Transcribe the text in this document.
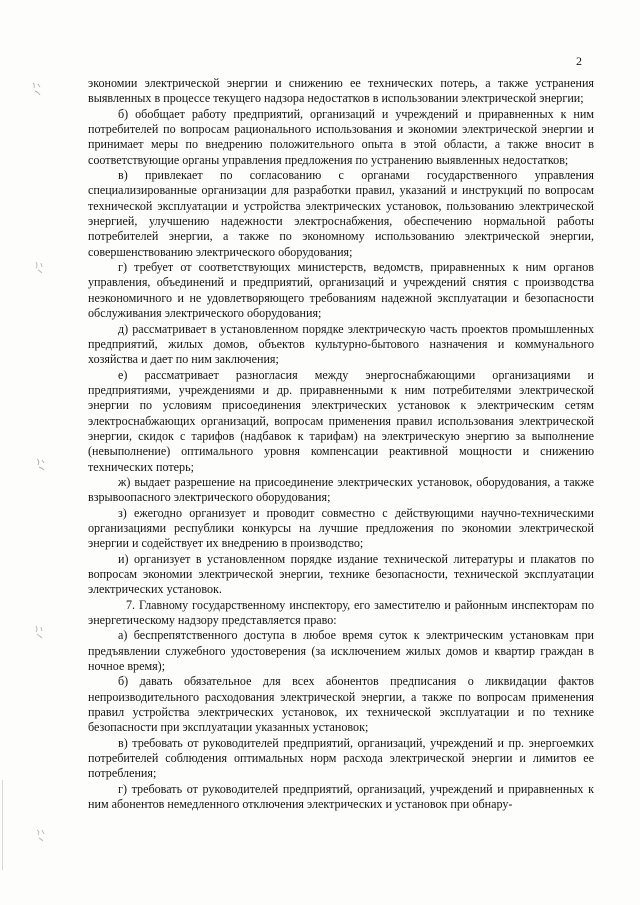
2

экономии электрической энергии и снижению ее технических потерь, а также устранения выявленных в процессе текущего надзора недостатков в использовании электрической энергии;

б) обобщает работу предприятий, организаций и учреждений и приравненных к ним потребителей по вопросам рационального использования и экономии электрической энергии и принимает меры по внедрению положительного опыта в этой области, а также вносит в соответствующие органы управления предложения по устранению выявленных недостатков;

в) привлекает по согласованию с органами государственного управления специализированные организации для разработки правил, указаний и инструкций по вопросам технической эксплуатации и устройства электрических установок, пользованию электрической энергией, улучшению надежности электроснабжения, обеспечению нормальной работы потребителей энергии, а также по экономному использованию электрической энергии, совершенствованию электрического оборудования;

г) требует от соответствующих министерств, ведомств, приравненных к ним органов управления, объединений и предприятий, организаций и учреждений снятия с производства неэкономичного и не удовлетворяющего требованиям надежной эксплуатации и безопасности обслуживания электрического оборудования;

д) рассматривает в установленном порядке электрическую часть проектов промышленных предприятий, жилых домов, объектов культурно-бытового назначения и коммунального хозяйства и дает по ним заключения;

е) рассматривает разногласия между энергоснабжающими организациями и предприятиями, учреждениями и др. приравненными к ним потребителями электрической энергии по условиям присоединения электрических установок к электрическим сетям электроснабжающих организаций, вопросам применения правил использования электрической энергии, скидок с тарифов (надбавок к тарифам) на электрическую энергию за выполнение (невыполнение) оптимального уровня компенсации реактивной мощности и снижению технических потерь;

ж) выдает разрешение на присоединение электрических установок, оборудования, а также взрывоопасного электрического оборудования;

з) ежегодно организует и проводит совместно с действующими научно-техническими организациями республики конкурсы на лучшие предложения по экономии электрической энергии и содействует их внедрению в производство;

и) организует в установленном порядке издание технической литературы и плакатов по вопросам экономии электрической энергии, технике безопасности, технической эксплуатации электрических установок.

7. Главному государственному инспектору, его заместителю и районным инспекторам по энергетическому надзору представляется право:

а) беспрепятственного доступа в любое время суток к электрическим установкам при предъявлении служебного удостоверения (за исключением жилых домов и квартир граждан в ночное время);

б) давать обязательное для всех абонентов предписания о ликвидации фактов непроизводительного расходования электрической энергии, а также по вопросам применения правил устройства электрических установок, их технической эксплуатации и по технике безопасности при эксплуатации указанных установок;

в) требовать от руководителей предприятий, организаций, учреждений и пр. энергоемких потребителей соблюдения оптимальных норм расхода электрической энергии и лимитов ее потребления;

г) требовать от руководителей предприятий, организаций, учреждений и приравненных к ним абонентов немедленного отключения электрических и установок при обнару-
